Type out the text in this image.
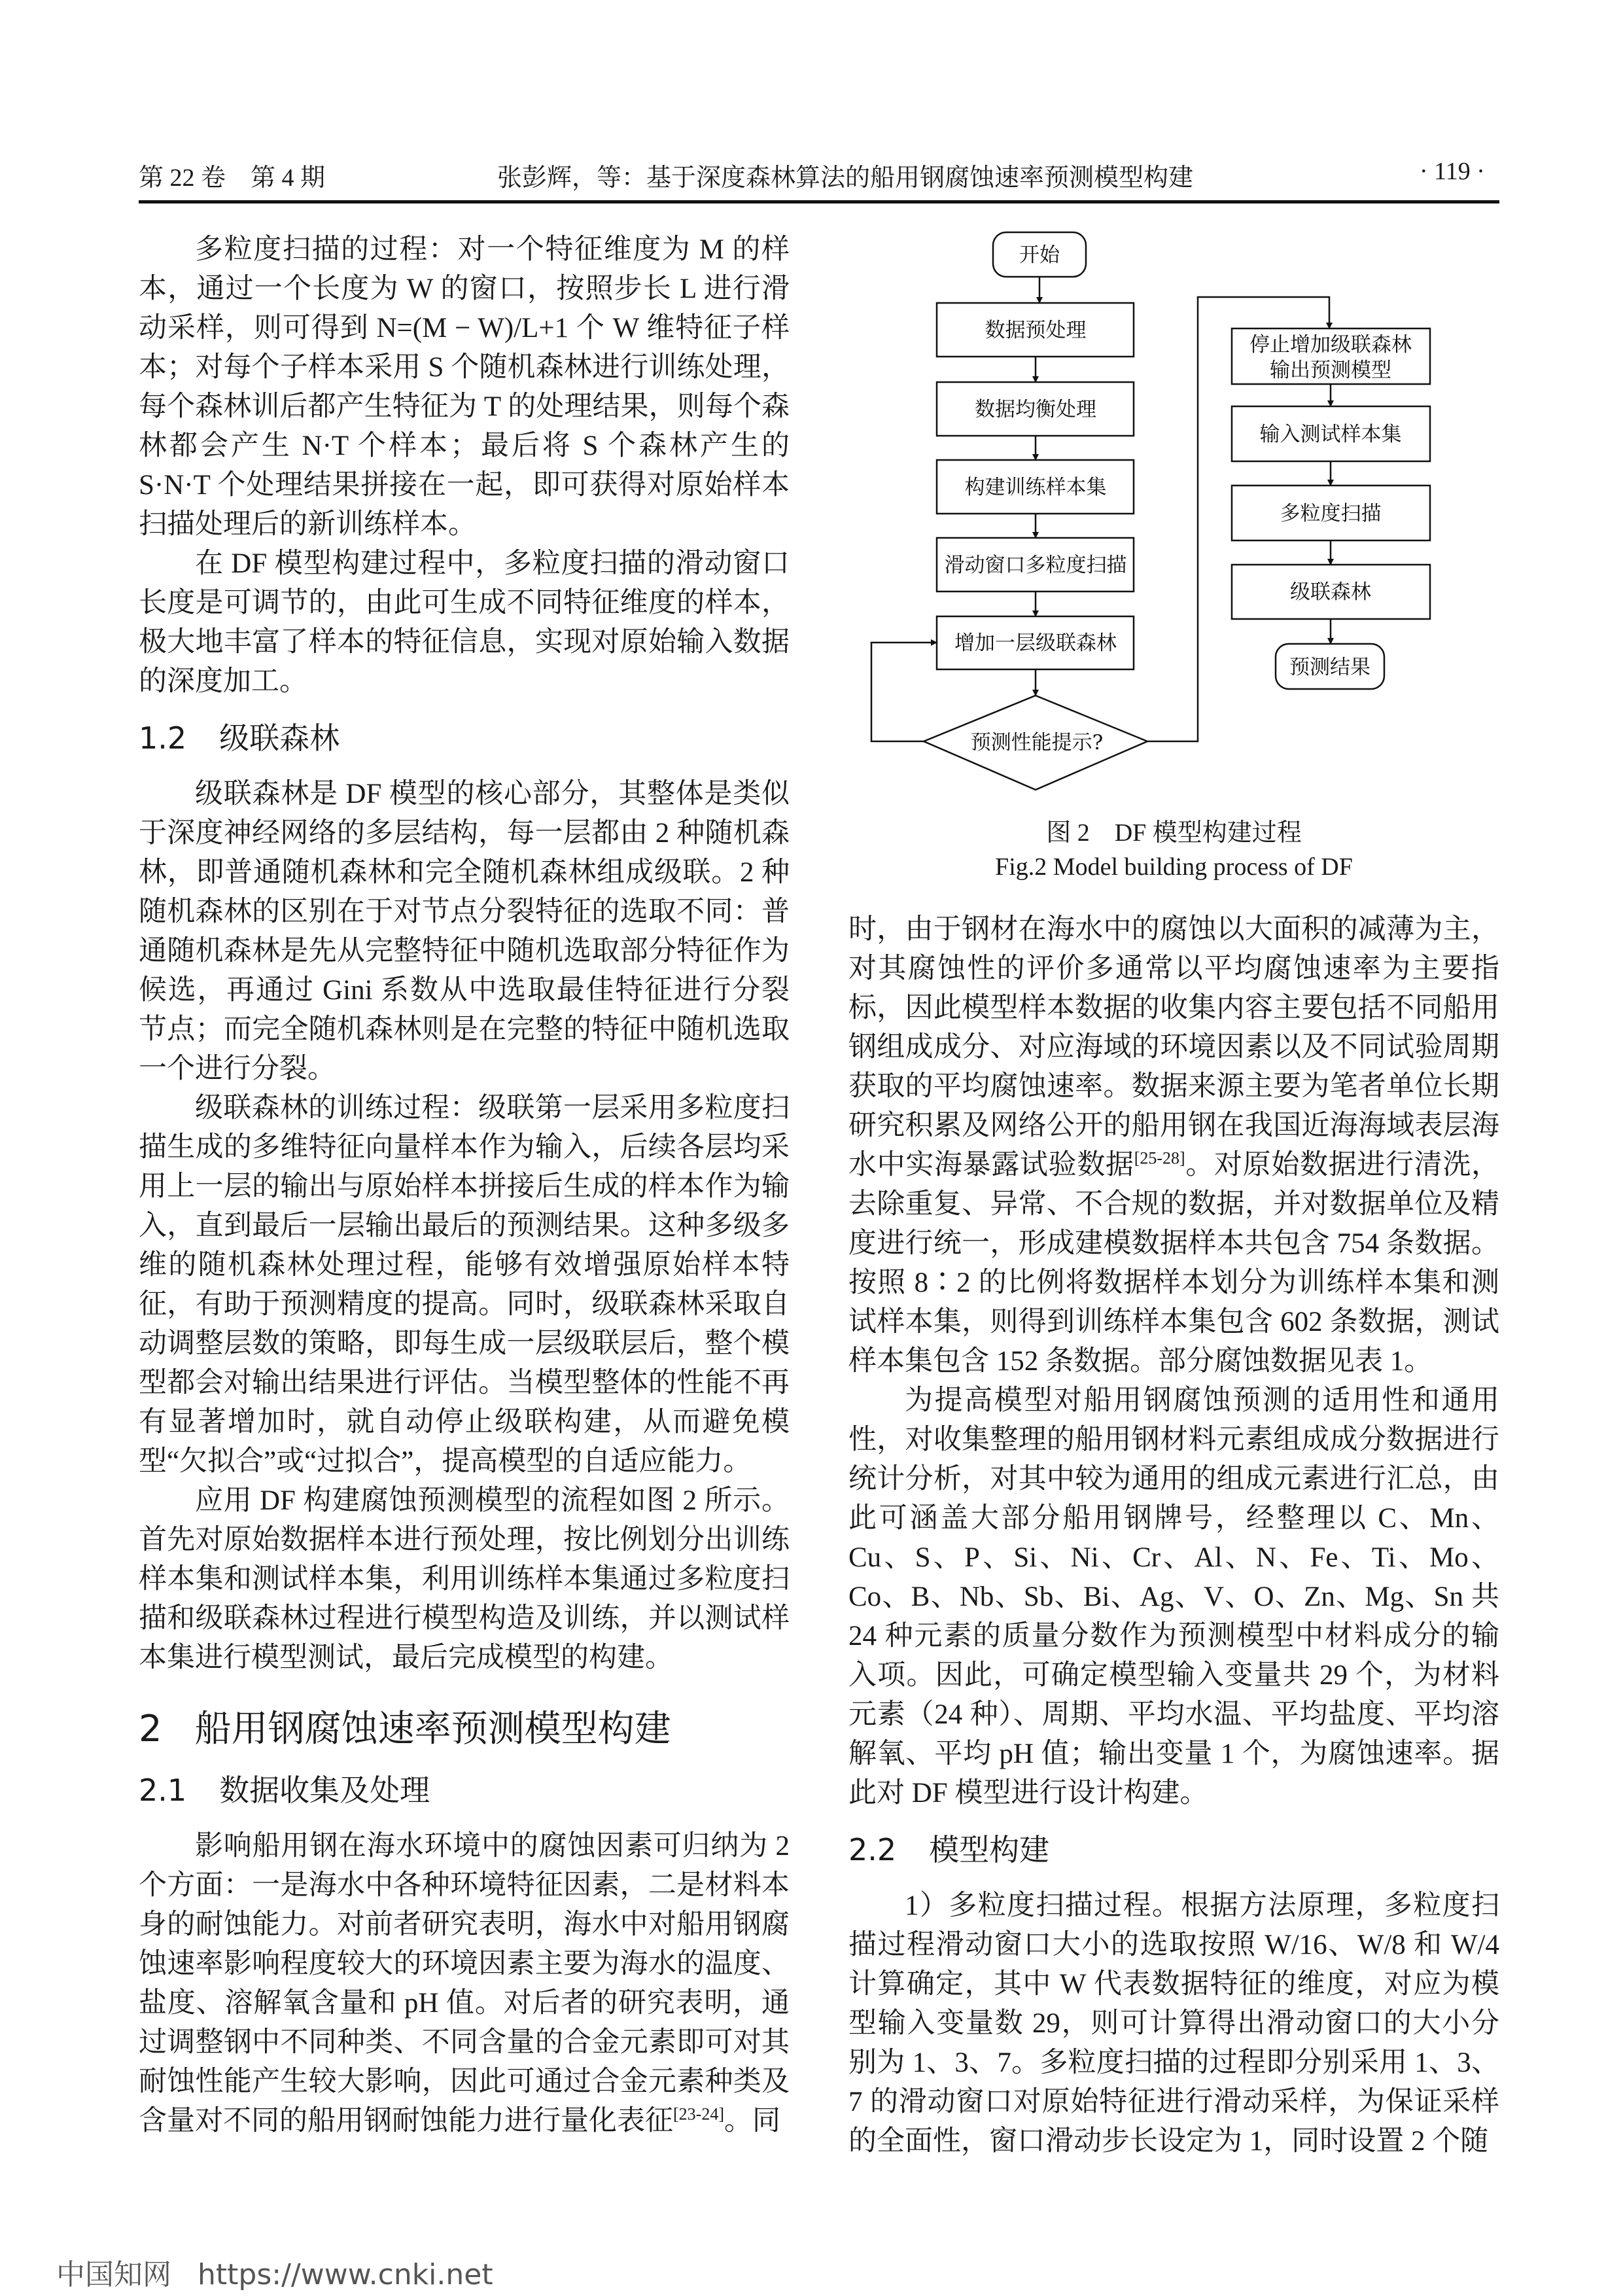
第 22 卷　第 4 期	张彭辉，等：基于深度森林算法的船用钢腐蚀速率预测模型构建	· 119 ·

多粒度扫描的过程：对一个特征维度为 M 的样本，通过一个长度为 W 的窗口，按照步长 L 进行滑动采样，则可得到 N=(M − W)/L+1 个 W 维特征子样本；对每个子样本采用 S 个随机森林进行训练处理，每个森林训后都产生特征为 T 的处理结果，则每个森林都会产生 N·T 个样本；最后将 S 个森林产生的 S·N·T 个处理结果拼接在一起，即可获得对原始样本扫描处理后的新训练样本。

在 DF 模型构建过程中，多粒度扫描的滑动窗口长度是可调节的，由此可生成不同特征维度的样本，极大地丰富了样本的特征信息，实现对原始输入数据的深度加工。

1.2 级联森林

级联森林是 DF 模型的核心部分，其整体是类似于深度神经网络的多层结构，每一层都由 2 种随机森林，即普通随机森林和完全随机森林组成级联。2 种随机森林的区别在于对节点分裂特征的选取不同：普通随机森林是先从完整特征中随机选取部分特征作为候选，再通过 Gini 系数从中选取最佳特征进行分裂节点；而完全随机森林则是在完整的特征中随机选取一个进行分裂。

级联森林的训练过程：级联第一层采用多粒度扫描生成的多维特征向量样本作为输入，后续各层均采用上一层的输出与原始样本拼接后生成的样本作为输入，直到最后一层输出最后的预测结果。这种多级多维的随机森林处理过程，能够有效增强原始样本特征，有助于预测精度的提高。同时，级联森林采取自动调整层数的策略，即每生成一层级联层后，整个模型都会对输出结果进行评估。当模型整体的性能不再有显著增加时，就自动停止级联构建，从而避免模型“欠拟合”或“过拟合”，提高模型的自适应能力。

应用 DF 构建腐蚀预测模型的流程如图 2 所示。首先对原始数据样本进行预处理，按比例划分出训练样本集和测试样本集，利用训练样本集通过多粒度扫描和级联森林过程进行模型构造及训练，并以测试样本集进行模型测试，最后完成模型的构建。

2 船用钢腐蚀速率预测模型构建
2.1 数据收集及处理

影响船用钢在海水环境中的腐蚀因素可归纳为 2 个方面：一是海水中各种环境特征因素，二是材料本身的耐蚀能力。对前者研究表明，海水中对船用钢腐蚀速率影响程度较大的环境因素主要为海水的温度、盐度、溶解氧含量和 pH 值。对后者的研究表明，通过调整钢中不同种类、不同含量的合金元素即可对其耐蚀性能产生较大影响，因此可通过合金元素种类及含量对不同的船用钢耐蚀能力进行量化表征[23-24]。同

开始
数据预处理
数据均衡处理
构建训练样本集
滑动窗口多粒度扫描
增加一层级联森林
预测性能提示?
停止增加级联森林
输出预测模型
输入测试样本集
多粒度扫描
级联森林
预测结果
图 2　DF 模型构建过程
Fig.2 Model building process of DF

时，由于钢材在海水中的腐蚀以大面积的减薄为主，对其腐蚀性的评价多通常以平均腐蚀速率为主要指标，因此模型样本数据的收集内容主要包括不同船用钢组成成分、对应海域的环境因素以及不同试验周期获取的平均腐蚀速率。数据来源主要为笔者单位长期研究积累及网络公开的船用钢在我国近海海域表层海水中实海暴露试验数据[25-28]。对原始数据进行清洗，去除重复、异常、不合规的数据，并对数据单位及精度进行统一，形成建模数据样本共包含 754 条数据。按照 8∶2 的比例将数据样本划分为训练样本集和测试样本集，则得到训练样本集包含 602 条数据，测试样本集包含 152 条数据。部分腐蚀数据见表 1。

为提高模型对船用钢腐蚀预测的适用性和通用性，对收集整理的船用钢材料元素组成成分数据进行统计分析，对其中较为通用的组成元素进行汇总，由此可涵盖大部分船用钢牌号，经整理以 C、Mn、Cu、S、P、Si、Ni、Cr、Al、N、Fe、Ti、Mo、Co、B、Nb、Sb、Bi、Ag、V、O、Zn、Mg、Sn 共 24 种元素的质量分数作为预测模型中材料成分的输入项。因此，可确定模型输入变量共 29 个，为材料元素（24 种）、周期、平均水温、平均盐度、平均溶解氧、平均 pH 值；输出变量 1 个，为腐蚀速率。据此对 DF 模型进行设计构建。

2.2 模型构建

1）多粒度扫描过程。根据方法原理，多粒度扫描过程滑动窗口大小的选取按照 W/16、W/8 和 W/4 计算确定，其中 W 代表数据特征的维度，对应为模型输入变量数 29，则可计算得出滑动窗口的大小分别为 1、3、7。多粒度扫描的过程即分别采用 1、3、7 的滑动窗口对原始特征进行滑动采样，为保证采样的全面性，窗口滑动步长设定为 1，同时设置 2 个随

中国知网 https://www.cnki.net
